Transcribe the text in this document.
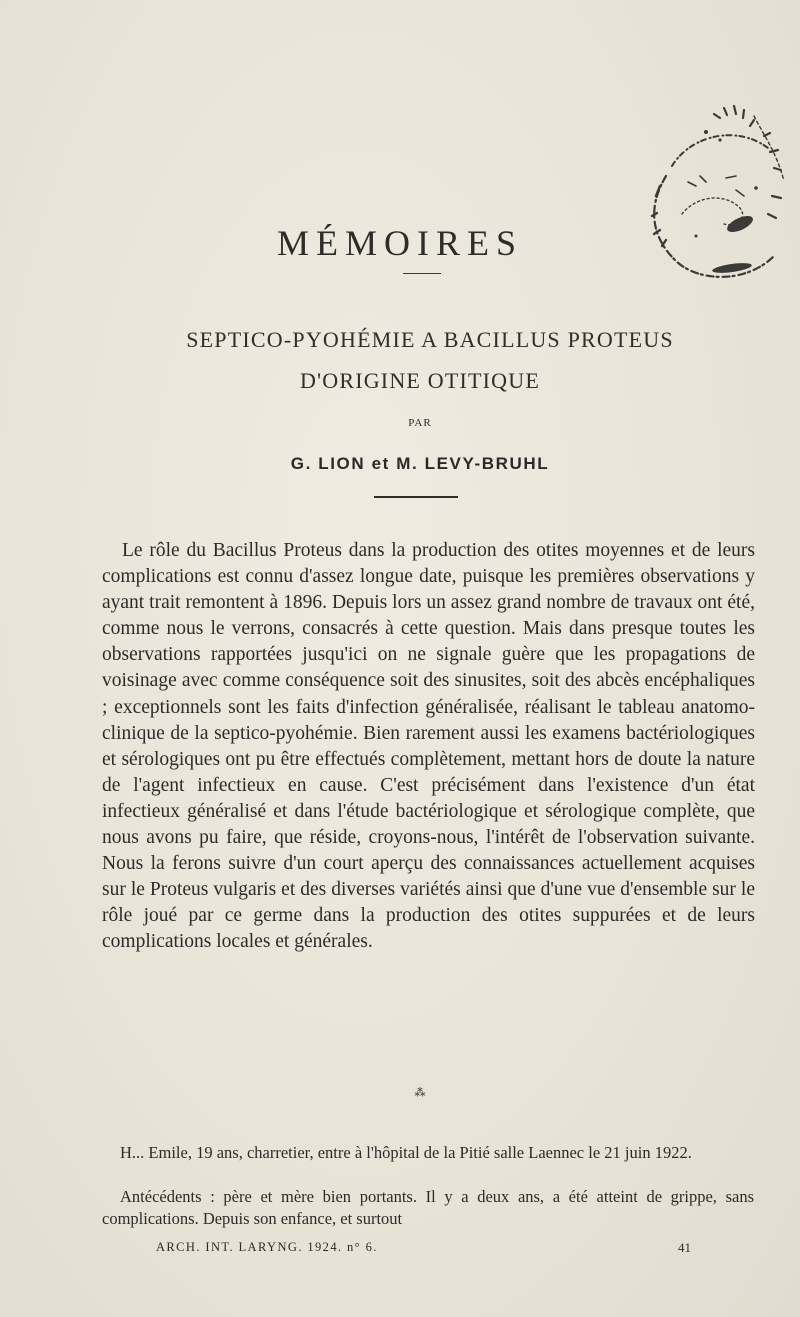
MÉMOIRES
SEPTICO-PYOHÉMIE A BACILLUS PROTEUS
D'ORIGINE OTITIQUE
PAR
G. LION et M. LEVY-BRUHL
Le rôle du Bacillus Proteus dans la production des otites moyennes et de leurs complications est connu d'assez longue date, puisque les premières observations y ayant trait remontent à 1896. Depuis lors un assez grand nombre de travaux ont été, comme nous le verrons, consacrés à cette question. Mais dans presque toutes les observations rapportées jusqu'ici on ne signale guère que les propagations de voisinage avec comme conséquence soit des sinusites, soit des abcès encéphaliques ; exceptionnels sont les faits d'infection généralisée, réalisant le tableau anatomo-clinique de la septico-pyohémie. Bien rarement aussi les examens bactériologiques et sérologiques ont pu être effectués complètement, mettant hors de doute la nature de l'agent infectieux en cause. C'est précisément dans l'existence d'un état infectieux généralisé et dans l'étude bactériologique et sérologique complète, que nous avons pu faire, que réside, croyons-nous, l'intérêt de l'observation suivante. Nous la ferons suivre d'un court aperçu des connaissances actuellement acquises sur le Proteus vulgaris et des diverses variétés ainsi que d'une vue d'ensemble sur le rôle joué par ce germe dans la production des otites suppurées et de leurs complications locales et générales.
⁂

H... Emile, 19 ans, charretier, entre à l'hôpital de la Pitié salle Laennec le 21 juin 1922.

Antécédents : père et mère bien portants. Il y a deux ans, a été atteint de grippe, sans complications. Depuis son enfance, et surtout

ARCH. INT. LARYNG. 1924. n° 6.	41
